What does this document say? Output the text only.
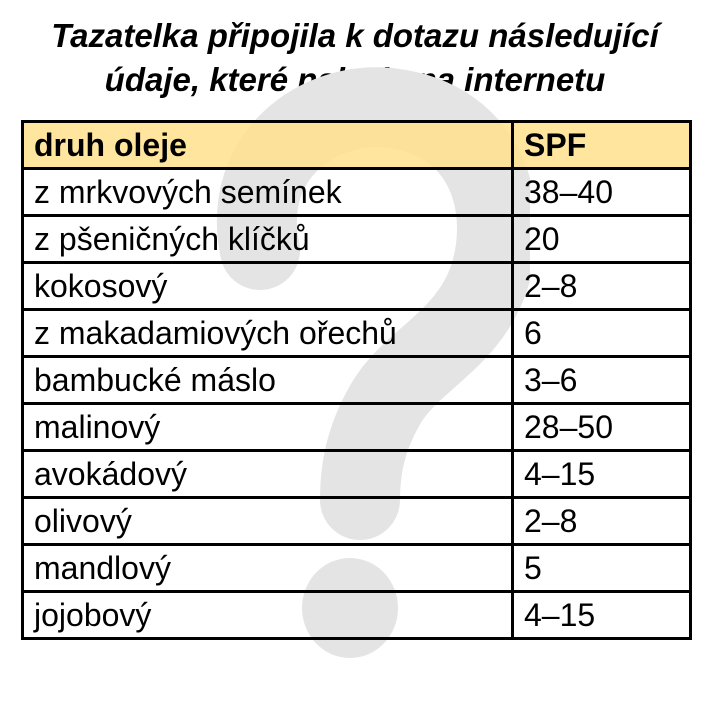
Tazatelka připojila k dotazu následující
údaje, které nalezla na internetu
druh oleje	SPF
z mrkvových semínek	38–40
z pšeničných klíčků	20
kokosový	2–8
z makadamiových ořechů	6
bambucké máslo	3–6
malinový	28–50
avokádový	4–15
olivový	2–8
mandlový	5
jojobový	4–15
